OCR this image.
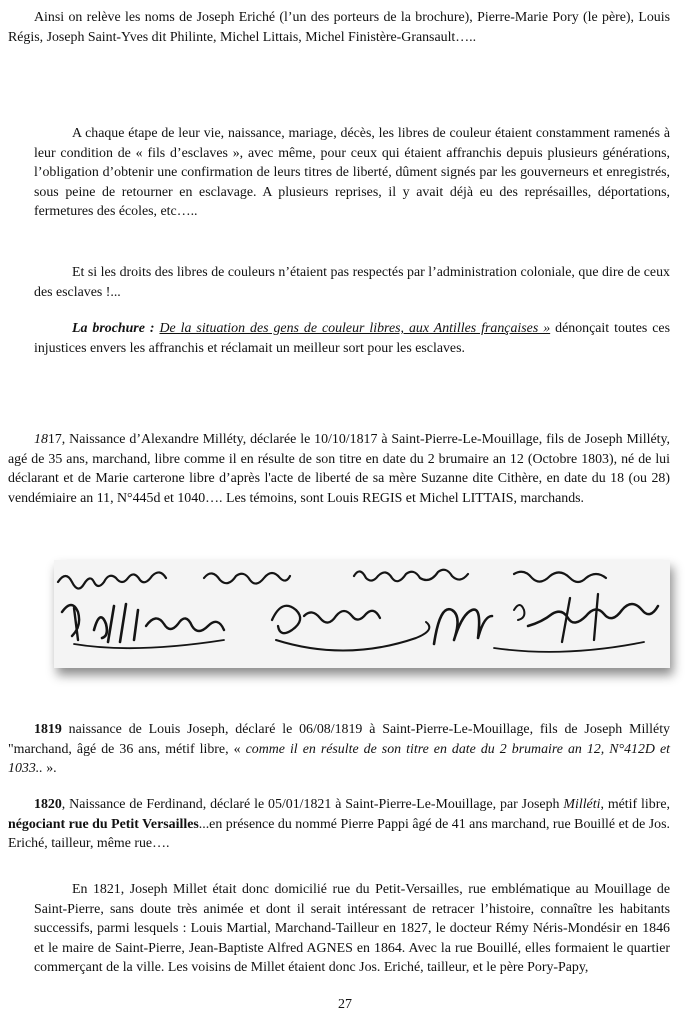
Ainsi on relève les noms de Joseph Eriché (l’un des porteurs de la brochure), Pierre-Marie Pory (le père), Louis Régis, Joseph Saint-Yves dit Philinte, Michel Littais, Michel Finistère-Gransault…..

A chaque étape de leur vie, naissance, mariage, décès, les libres de couleur étaient constamment ramenés à leur condition de « fils d’esclaves », avec même, pour ceux qui étaient affranchis depuis plusieurs générations, l’obligation d’obtenir une confirmation de leurs titres de liberté, dûment signés par les gouverneurs et enregistrés, sous peine de retourner en esclavage. A plusieurs reprises, il y avait déjà eu des représailles, déportations, fermetures des écoles, etc…..

Et si les droits des libres de couleurs n’étaient pas respectés par l’administration coloniale, que dire de ceux des esclaves !...

La brochure : De la situation des gens de couleur libres, aux Antilles françaises » dénonçait toutes ces injustices envers les affranchis et réclamait un meilleur sort pour les esclaves.

1817, Naissance d’Alexandre Milléty, déclarée le 10/10/1817 à Saint-Pierre-Le-Mouillage, fils de Joseph Milléty, agé de 35 ans, marchand, libre comme il en résulte de son titre en date du 2 brumaire an 12 (Octobre 1803), né de lui déclarant et de Marie carterone libre d’après l'acte de liberté de sa mère Suzanne dite Cithère, en date du 18 (ou 28) vendémiaire an 11, N°445d et 1040…. Les témoins, sont Louis REGIS et Michel LITTAIS, marchands.

1819 naissance de Louis Joseph, déclaré le 06/08/1819 à Saint-Pierre-Le-Mouillage, fils de Joseph Milléty "marchand, âgé de 36 ans, métif libre, « comme il en résulte de son titre en date du 2 brumaire an 12, N°412D et 1033.. ».

1820, Naissance de Ferdinand, déclaré le 05/01/1821 à Saint-Pierre-Le-Mouillage, par Joseph Milléti, métif libre, négociant rue du Petit Versailles...en présence du nommé Pierre Pappi âgé de 41 ans marchand, rue Bouillé et de Jos. Eriché, tailleur, même rue….

En 1821, Joseph Millet était donc domicilié rue du Petit-Versailles, rue emblématique au Mouillage de Saint-Pierre, sans doute très animée et dont il serait intéressant de retracer l’histoire, connaître les habitants successifs, parmi lesquels : Louis Martial, Marchand-Tailleur en 1827, le docteur Rémy Néris-Mondésir en 1846 et le maire de Saint-Pierre, Jean-Baptiste Alfred AGNES en 1864. Avec la rue Bouillé, elles formaient le quartier commerçant de la ville. Les voisins de Millet étaient donc Jos. Eriché, tailleur, et le père Pory-Papy,

27
